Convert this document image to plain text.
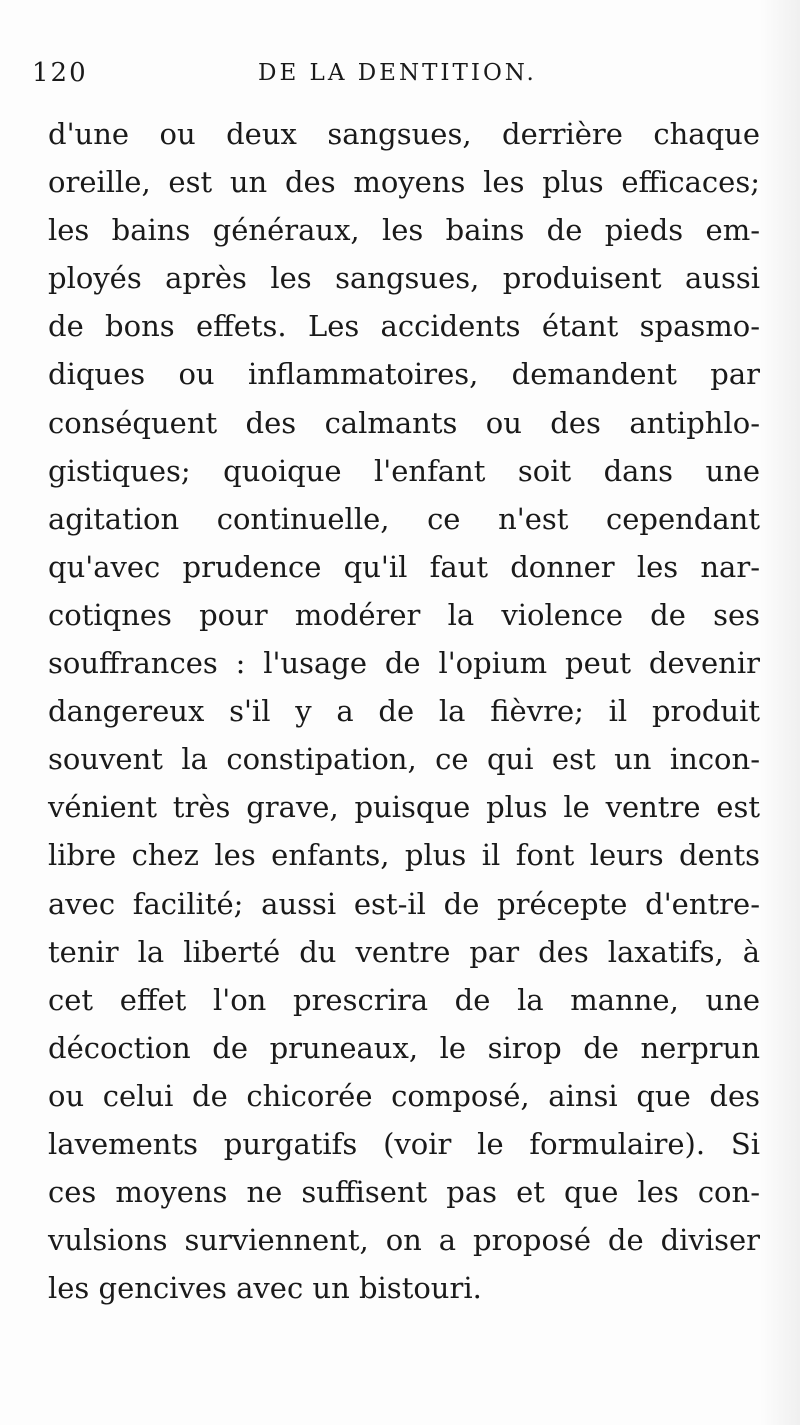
120	DE LA DENTITION.
d'une ou deux sangsues, derrière chaque
oreille, est un des moyens les plus efficaces;
les bains généraux, les bains de pieds em-
ployés après les sangsues, produisent aussi
de bons effets. Les accidents étant spasmo-
diques ou inflammatoires, demandent par
conséquent des calmants ou des antiphlo-
gistiques; quoique l'enfant soit dans une
agitation continuelle, ce n'est cependant
qu'avec prudence qu'il faut donner les nar-
cotiqnes pour modérer la violence de ses
souffrances : l'usage de l'opium peut devenir
dangereux s'il y a de la fièvre; il produit
souvent la constipation, ce qui est un incon-
vénient très grave, puisque plus le ventre est
libre chez les enfants, plus il font leurs dents
avec facilité; aussi est-il de précepte d'entre-
tenir la liberté du ventre par des laxatifs, à
cet effet l'on prescrira de la manne, une
décoction de pruneaux, le sirop de nerprun
ou celui de chicorée composé, ainsi que des
lavements purgatifs (voir le formulaire). Si
ces moyens ne suffisent pas et que les con-
vulsions surviennent, on a proposé de diviser
les gencives avec un bistouri.
